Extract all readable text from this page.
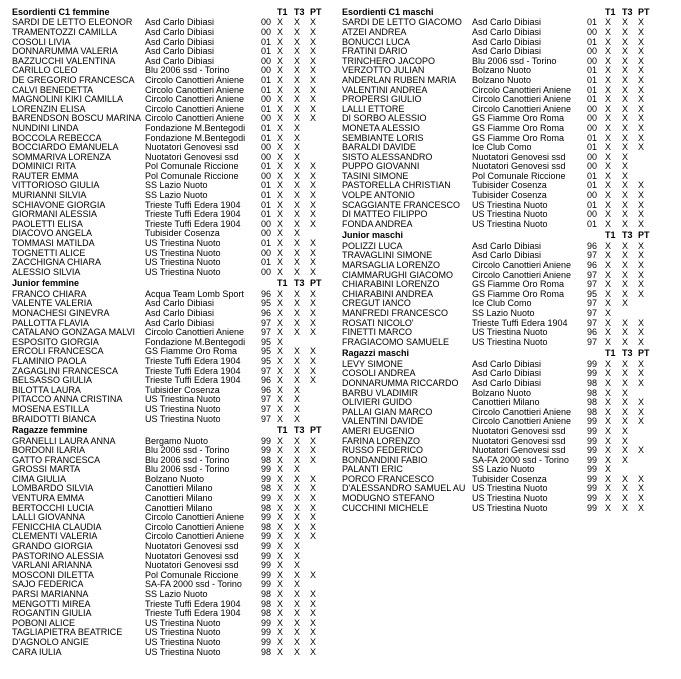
Esordienti C1 femmine	T1 T3 PT
SARDI DE LETTO ELEONOR	Asd Carlo Dibiasi	00 X	X	X
TRAMENTOZZI CAMILLA	Asd Carlo Dibiasi	00 X	X	X
COSOLI LIVIA	Asd Carlo Dibiasi	01 X	X	X
DONNARUMMA VALERIA	Asd Carlo Dibiasi	01 X	X	X
BAZZUCCHI VALENTINA	Asd Carlo Dibiasi	00 X	X	X
CARILLO CLEO	Blu 2006 ssd - Torino	00 X	X	X
DE GREGORIO FRANCESCA	Circolo Canottieri Aniene	01 X	X	X
CALVI BENEDETTA	Circolo Canottieri Aniene	01 X	X	X
MAGNOLINI KIKI CAMILLA	Circolo Canottieri Aniene	00 X	X	X
LORENZIN ELISA	Circolo Canottieri Aniene	01 X	X	X
BARENDSON BOSCU MARINA Circolo Canottieri Aniene	00 X	X	X
NUNDINI LINDA	Fondazione M.Bentegodi	01 X	X
BOCCOLA REBECCA	Fondazione M.Bentegodi	01 X	X
BOCCIARDO EMANUELA	Nuotatori Genovesi ssd	00 X	X
SOMMARIVA LORENZA	Nuotatori Genovesi ssd	00 X	X
DOMINICI RITA	Pol Comunale Riccione	01 X	X	X
RAUTER EMMA	Pol Comunale Riccione	00 X	X	X
VITTORIOSO GIULIA	SS Lazio Nuoto	01 X	X	X
MURIANNI SILVIA	SS Lazio Nuoto	01 X	X	X
SCHIAVONE GIORGIA	Trieste Tuffi Edera 1904	01 X	X	X
GIORMANI ALESSIA	Trieste Tuffi Edera 1904	01 X	X	X
PAOLETTI ELISA	Trieste Tuffi Edera 1904	00 X	X	X
DIACOVO ANGELA	Tubisider Cosenza	00 X	X
TOMMASI MATILDA	US Triestina Nuoto	01 X	X	X
TOGNETTI ALICE	US Triestina Nuoto	00 X	X	X
ZACCHIGNA CHIARA	US Triestina Nuoto	01 X	X	X
ALESSIO SILVIA	US Triestina Nuoto	00 X	X	X
Junior femmine	T1 T3 PT
FRANCO CHIARA	Acqua Team Lomb Sport	96 X	X	X
VALENTE VALERIA	Asd Carlo Dibiasi	95 X	X	X
MONACHESI GINEVRA	Asd Carlo Dibiasi	96 X	X	X
PALLOTTA FLAVIA	Asd Carlo Dibiasi	97 X	X	X
CATALANO GONZAGA MALVI	Circolo Canottieri Aniene	97 X	X	X
ESPOSITO GIORGIA	Fondazione M.Bentegodi	95 X
ERCOLI FRANCESCA	GS Fiamme Oro Roma	95 X	X	X
FLAMINIO PAOLA	Trieste Tuffi Edera 1904	95 X	X	X
ZAGAGLINI FRANCESCA	Trieste Tuffi Edera 1904	97 X	X	X
BELSASSO GIULIA	Trieste Tuffi Edera 1904	96 X	X	X
BILOTTA LAURA	Tubisider Cosenza	96 X	X
PITACCO ANNA CRISTINA	US Triestina Nuoto	97 X	X
MOSENA ESTILLA	US Triestina Nuoto	97 X	X
BRAIDOTTI BIANCA	US Triestina Nuoto	97 X	X
Ragazze femmine	T1 T3 PT
GRANELLI LAURA ANNA	Bergamo Nuoto	99 X	X	X
BORDONI ILARIA	Blu 2006 ssd - Torino	99 X	X	X
GATTO FRANCESCA	Blu 2006 ssd - Torino	98 X	X	X
GROSSI MARTA	Blu 2006 ssd - Torino	99 X	X
CIMA GIULIA	Bolzano Nuoto	99 X	X	X
LOMBARDO SILVIA	Canottieri Milano	98 X	X	X
VENTURA EMMA	Canottieri Milano	99 X	X	X
BERTOCCHI LUCIA	Canottieri Milano	98 X	X	X
LALLI GIOVANNA	Circolo Canottieri Aniene	99 X	X	X
FENICCHIA CLAUDIA	Circolo Canottieri Aniene	98 X	X	X
CLEMENTI VALERIA	Circolo Canottieri Aniene	99 X	X	X
GRANDO GIORGIA	Nuotatori Genovesi ssd	99 X	X
PASTORINO ALESSIA	Nuotatori Genovesi ssd	99 X	X
VARLANI ARIANNA	Nuotatori Genovesi ssd	99 X	X
MOSCONI DILETTA	Pol Comunale Riccione	99 X	X	X
SAJO FEDERICA	SA-FA 2000 ssd - Torino	99 X	X
PARSI MARIANNA	SS Lazio Nuoto	98 X	X	X
MENGOTTI MIREA	Trieste Tuffi Edera 1904	98 X	X	X
ROGANTIN GIULIA	Trieste Tuffi Edera 1904	98 X	X	X
POBONI ALICE	US Triestina Nuoto	99 X	X	X
TAGLIAPIETRA BEATRICE	US Triestina Nuoto	99 X	X	X
D'AGNOLO ANGIE	US Triestina Nuoto	99 X	X	X
CARA IULIA	US Triestina Nuoto	98 X	X	X
Esordienti C1 maschi	T1 T3 PT
SARDI DE LETTO GIACOMO	Asd Carlo Dibiasi	01 X	X	X
ATZEI ANDREA	Asd Carlo Dibiasi	00 X	X	X
BONUCCI LUCA	Asd Carlo Dibiasi	01 X	X	X
FRATINI DARIO	Asd Carlo Dibiasi	00 X	X	X
TRINCHERO JACOPO	Blu 2006 ssd - Torino	00 X	X	X
VERZOTTO JULIAN	Bolzano Nuoto	01 X	X	X
ANDERLAN RUBEN MARIA	Bolzano Nuoto	01 X	X	X
VALENTINI ANDREA	Circolo Canottieri Aniene	01 X	X	X
PROPERSI GIULIO	Circolo Canottieri Aniene	01 X	X	X
LALLI ETTORE	Circolo Canottieri Aniene	00 X	X	X
DI SORBO ALESSIO	GS Fiamme Oro Roma	00 X	X	X
MONETA ALESSIO	GS Fiamme Oro Roma	00 X	X	X
SEMBIANTE LORIS	GS Fiamme Oro Roma	01 X	X	X
BARALDI DAVIDE	Ice Club Como	01 X	X	X
SISTO ALESSANDRO	Nuotatori Genovesi ssd	00 X	X
PUPPO GIOVANNI	Nuotatori Genovesi ssd	00 X	X
TASINI SIMONE	Pol Comunale Riccione	01 X	X
PASTORELLA CHRISTIAN	Tubisider Cosenza	01 X	X	X
VOLPE ANTONIO	Tubisider Cosenza	00 X	X	X
SCAGGIANTE FRANCESCO	US Triestina Nuoto	01 X	X	X
DI MATTEO FILIPPO	US Triestina Nuoto	00 X	X	X
FONDA ANDREA	US Triestina Nuoto	01 X	X	X
Junior maschi	T1 T3 PT
POLIZZI LUCA	Asd Carlo Dibiasi	96 X	X	X
TRAVAGLINI SIMONE	Asd Carlo Dibiasi	97 X	X	X
MARSAGLIA LORENZO	Circolo Canottieri Aniene	96 X	X	X
CIAMMARUGHI GIACOMO	Circolo Canottieri Aniene	97 X	X	X
CHIARABINI LORENZO	GS Fiamme Oro Roma	97 X	X	X
CHIARABINI ANDREA	GS Fiamme Oro Roma	95 X	X	X
CREGUT IANCO	Ice Club Como	97 X	X
MANFREDI FRANCESCO	SS Lazio Nuoto	97 X
ROSATI NICOLO'	Trieste Tuffi Edera 1904	97 X	X	X
FINETTI MARCO	US Triestina Nuoto	96 X	X	X
FRAGIACOMO SAMUELE	US Triestina Nuoto	97 X	X	X
Ragazzi maschi	T1 T3 PT
LEVY SIMONE	Asd Carlo Dibiasi	99 X	X	X
COSOLI ANDREA	Asd Carlo Dibiasi	99 X	X	X
DONNARUMMA RICCARDO	Asd Carlo Dibiasi	98 X	X	X
BARBU VLADIMIR	Bolzano Nuoto	98 X	X
OLIVIERI GUIDO	Canottieri Milano	98 X	X	X
PALLAI GIAN MARCO	Circolo Canottieri Aniene	98 X	X	X
VALENTINI DAVIDE	Circolo Canottieri Aniene	99 X	X	X
AMERI EUGENIO	Nuotatori Genovesi ssd	99 X	X
FARINA LORENZO	Nuotatori Genovesi ssd	99 X	X
RUSSO FEDERICO	Nuotatori Genovesi ssd	99 X	X	X
BONDANDINI FABIO	SA-FA 2000 ssd - Torino	99 X	X
PALANTI ERIC	SS Lazio Nuoto	99 X
PORCO FRANCESCO	Tubisider Cosenza	99 X	X	X
D'ALESSANDRO SAMUEL AU US Triestina Nuoto	99 X	X	X
MODUGNO STEFANO	US Triestina Nuoto	99 X	X	X
CUCCHINI MICHELE	US Triestina Nuoto	99 X	X	X
